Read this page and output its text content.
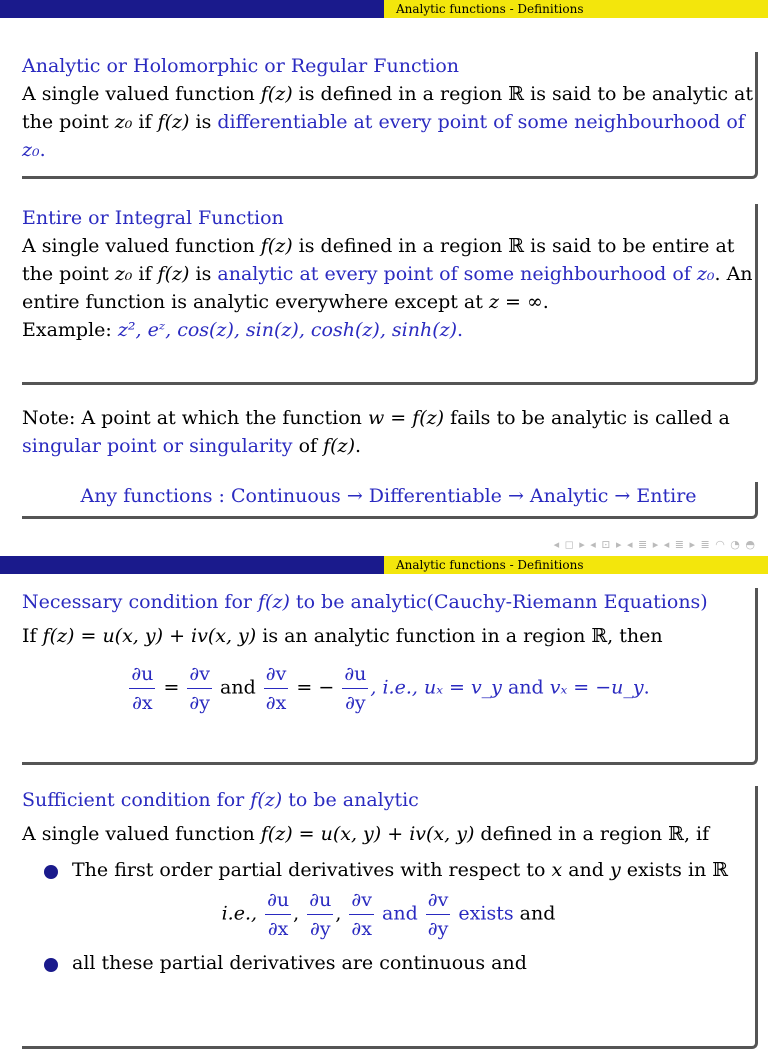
Analytic functions - Definitions
Analytic or Holomorphic or Regular Function
A single valued function f(z) is defined in a region ℝ is said to be analytic at the point z₀ if f(z) is differentiable at every point of some neighbourhood of z₀.
Entire or Integral Function
A single valued function f(z) is defined in a region ℝ is said to be entire at the point z₀ if f(z) is analytic at every point of some neighbourhood of z₀. An entire function is analytic everywhere except at z = ∞.
Example: z², eᶻ, cos(z), sin(z), cosh(z), sinh(z).
Note: A point at which the function w = f(z) fails to be analytic is called a singular point or singularity of f(z).
Any functions : Continuous → Differentiable → Analytic → Entire
◂ ◻ ▸ ◂ ⊡ ▸ ◂ ≣ ▸ ◂ ≣ ▸ ≣ ◠ ◔ ◓
Analytic functions - Definitions
Necessary condition for f(z) to be analytic(Cauchy-Riemann Equations)
If f(z) = u(x, y) + iv(x, y) is an analytic function in a region ℝ, then
$\frac{\partial u}{\partial x} = \frac{\partial v}{\partial y}$ and $\frac{\partial v}{\partial x}$ = − $\frac{\partial u}{\partial y}$ , i.e., uₓ = v_y and vₓ = −u_y.
Sufficient condition for f(z) to be analytic
A single valued function f(z) = u(x, y) + iv(x, y) defined in a region ℝ, if
1 The first order partial derivatives with respect to x and y exists in ℝ
i.e., $\frac{\partial u}{\partial x}$ , $\frac{\partial u}{\partial y}$ , $\frac{\partial v}{\partial x}$ and $\frac{\partial v}{\partial y}$ exists and
2 all these partial derivatives are continuous and
